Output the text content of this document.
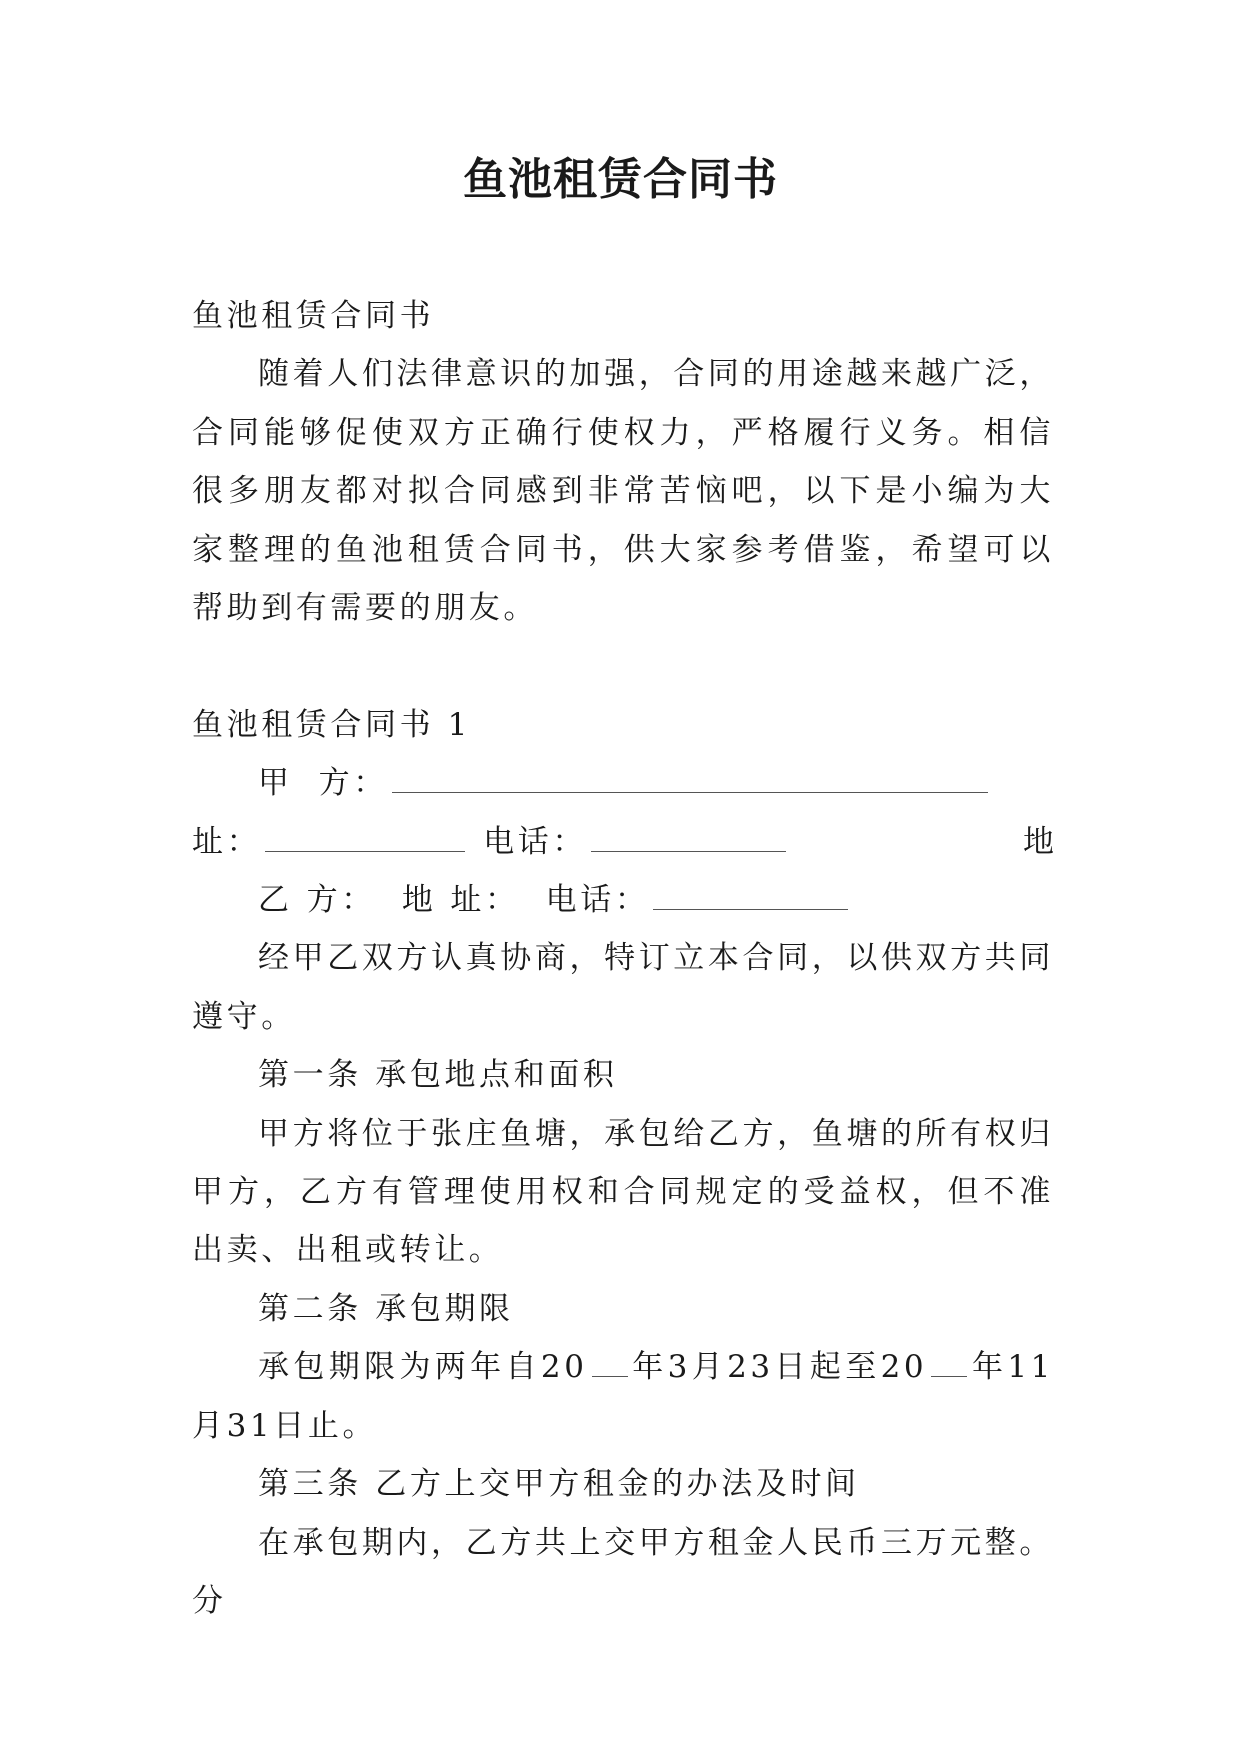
鱼池租赁合同书

鱼池租赁合同书

随着人们法律意识的加强，合同的用途越来越广泛，合同能够促使双方正确行使权力，严格履行义务。相信很多朋友都对拟合同感到非常苦恼吧，以下是小编为大家整理的鱼池租赁合同书，供大家参考借鉴，希望可以帮助到有需要的朋友。

鱼池租赁合同书 1

甲 方：
地

址：	电话：

乙 方： 地 址： 电话：

经甲乙双方认真协商，特订立本合同，以供双方共同遵守。

第一条 承包地点和面积

甲方将位于张庄鱼塘，承包给乙方，鱼塘的所有权归甲方，乙方有管理使用权和合同规定的受益权，但不准出卖、出租或转让。

第二条 承包期限

承包期限为两年自20 年3月23日起至20 年11月31日止。

第三条 乙方上交甲方租金的办法及时间

在承包期内，乙方共上交甲方租金人民币三万元整。分
